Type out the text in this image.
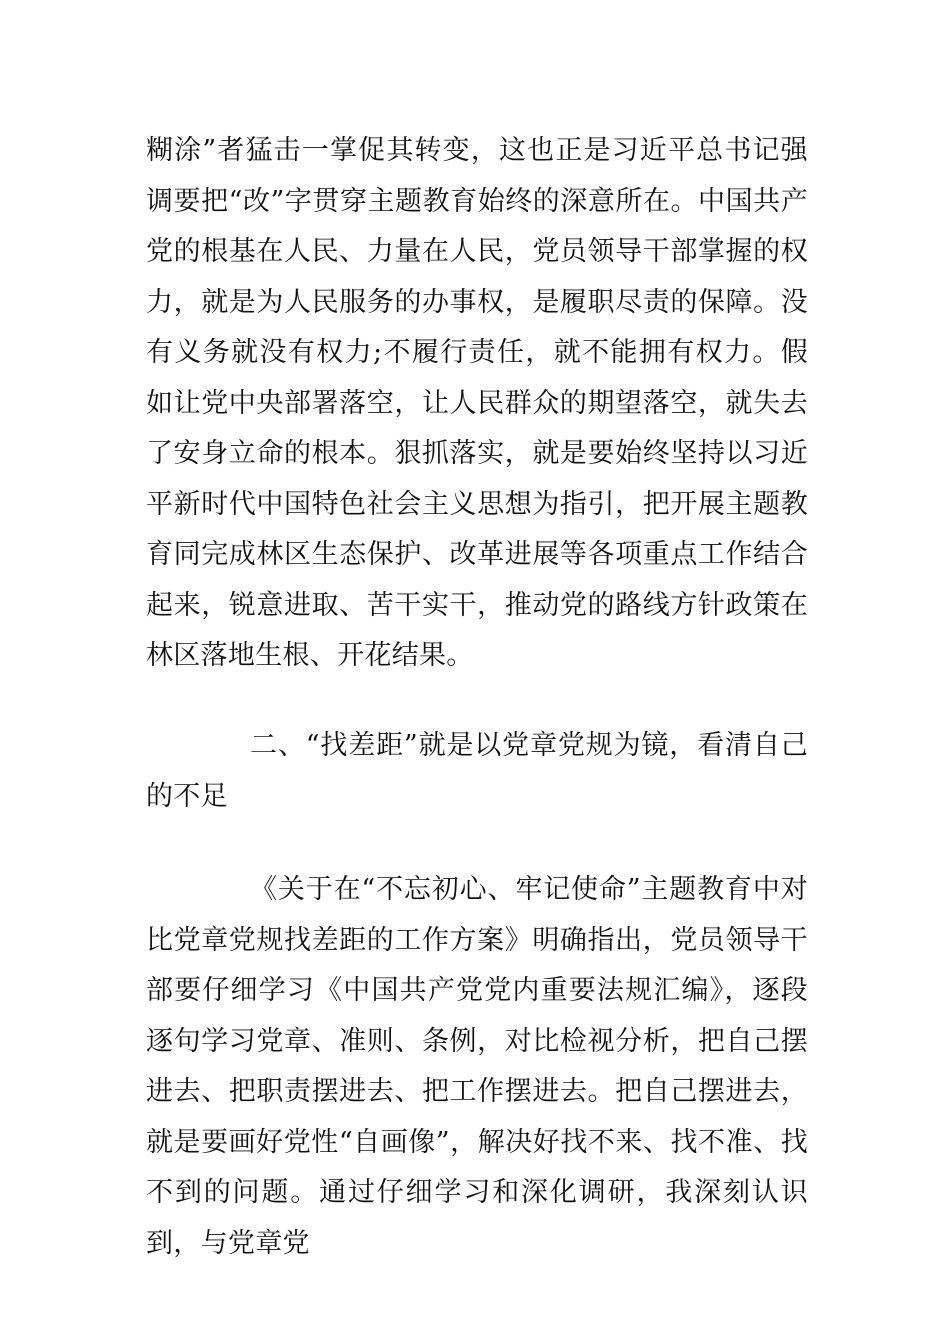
糊涂”者猛击一掌促其转变，这也正是习近平总书记强调要把“改”字贯穿主题教育始终的深意所在。中国共产党的根基在人民、力量在人民，党员领导干部掌握的权力，就是为人民服务的办事权，是履职尽责的保障。没有义务就没有权力;不履行责任，就不能拥有权力。假如让党中央部署落空，让人民群众的期望落空，就失去了安身立命的根本。狠抓落实，就是要始终坚持以习近平新时代中国特色社会主义思想为指引，把开展主题教育同完成林区生态保护、改革进展等各项重点工作结合起来，锐意进取、苦干实干，推动党的路线方针政策在林区落地生根、开花结果。

二、“找差距”就是以党章党规为镜，看清自己的不足

《关于在“不忘初心、牢记使命”主题教育中对比党章党规找差距的工作方案》明确指出，党员领导干部要仔细学习《中国共产党党内重要法规汇编》，逐段逐句学习党章、准则、条例，对比检视分析，把自己摆进去、把职责摆进去、把工作摆进去。把自己摆进去，就是要画好党性“自画像”，解决好找不来、找不准、找不到的问题。通过仔细学习和深化调研，我深刻认识到，与党章党
